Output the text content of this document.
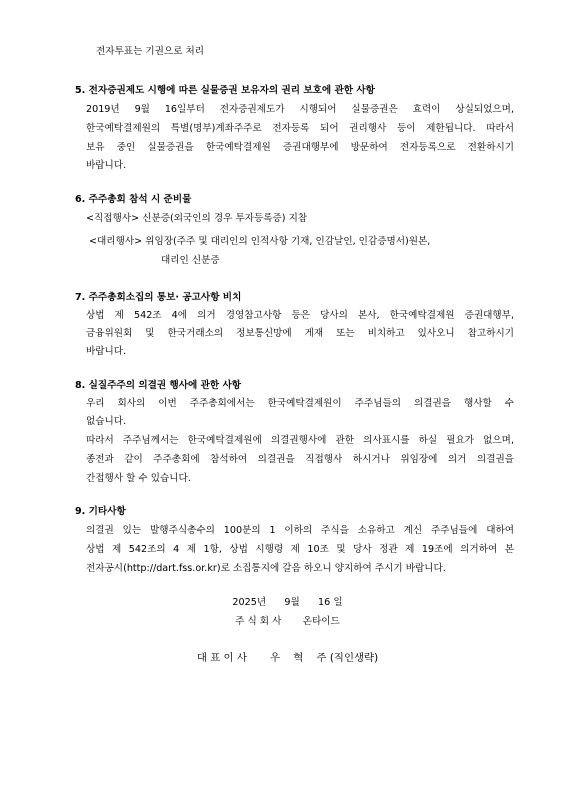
전자투표는 기권으로 처리
5. 전자증권제도 시행에 따른 실물증권 보유자의 권리 보호에 관한 사항
2019년 9월 16일부터 전자증권제도가 시행되어 실물증권은 효력이 상실되었으며,
한국예탁결제원의 특별(명부)계좌주주로 전자등록 되어 권리행사 등이 제한됩니다. 따라서
보유 중인 실물증권을 한국예탁결제원 증권대행부에 방문하여 전자등록으로 전환하시기
바랍니다.
6. 주주총회 참석 시 준비물
<직접행사> 신분증(외국인의 경우 투자등록증) 지참
<대리행사> 위임장(주주 및 대리인의 인적사항 기재, 인감날인, 인감증명서)원본,
대리인 신분증
7. 주주총회소집의 통보· 공고사항 비치
상법 제 542조 4에 의거 경영참고사항 등은 당사의 본사, 한국예탁결제원 증권대행부,
금융위원회 및 한국거래소의 정보통신망에 게재 또는 비치하고 있사오니 참고하시기
바랍니다.
8. 실질주주의 의결권 행사에 관한 사항
우리 회사의 이번 주주총회에서는 한국예탁결제원이 주주님들의 의결권을 행사할 수
없습니다.
따라서 주주님께서는 한국예탁결제원에 의결권행사에 관한 의사표시를 하실 필요가 없으며,
종전과 같이 주주총회에 참석하여 의결권을 직접행사 하시거나 위임장에 의거 의결권을
간접행사 할 수 있습니다.
9. 기타사항
의결권 있는 발행주식총수의 100분의 1 이하의 주식을 소유하고 계신 주주님들에 대하여
상법 제 542조의 4 제 1항, 상법 시행령 제 10조 및 당사 정관 제 19조에 의거하여 본
전자공시(http://dart.fss.or.kr)로 소집통지에 갈음 하오니 양지하여 주시기 바랍니다.
2025년      9월      16 일
주 식 회 사       온타이드
대 표 이 사       우    혁    주 (직인생략)
